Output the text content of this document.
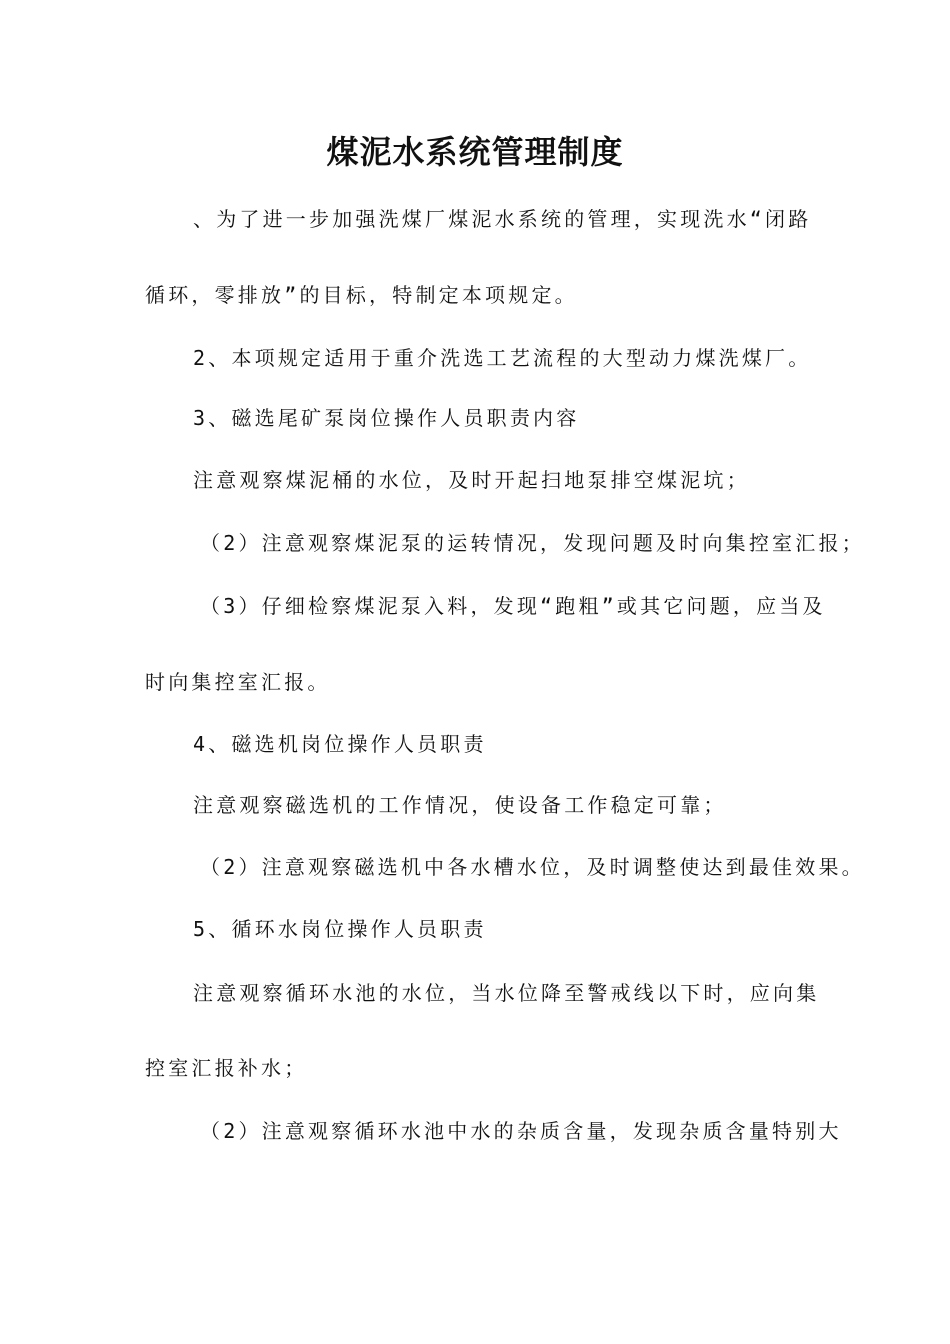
煤泥水系统管理制度
、为了进一步加强洗煤厂煤泥水系统的管理，实现洗水“闭路
循环，零排放”的目标，特制定本项规定。
2、本项规定适用于重介洗选工艺流程的大型动力煤洗煤厂。
3、磁选尾矿泵岗位操作人员职责内容
注意观察煤泥桶的水位，及时开起扫地泵排空煤泥坑；
（2）注意观察煤泥泵的运转情况，发现问题及时向集控室汇报；
（3）仔细检察煤泥泵入料，发现“跑粗”或其它问题，应当及
时向集控室汇报。
4、磁选机岗位操作人员职责
注意观察磁选机的工作情况，使设备工作稳定可靠；
（2）注意观察磁选机中各水槽水位，及时调整使达到最佳效果。
5、循环水岗位操作人员职责
注意观察循环水池的水位，当水位降至警戒线以下时，应向集
控室汇报补水；
（2）注意观察循环水池中水的杂质含量，发现杂质含量特别大
